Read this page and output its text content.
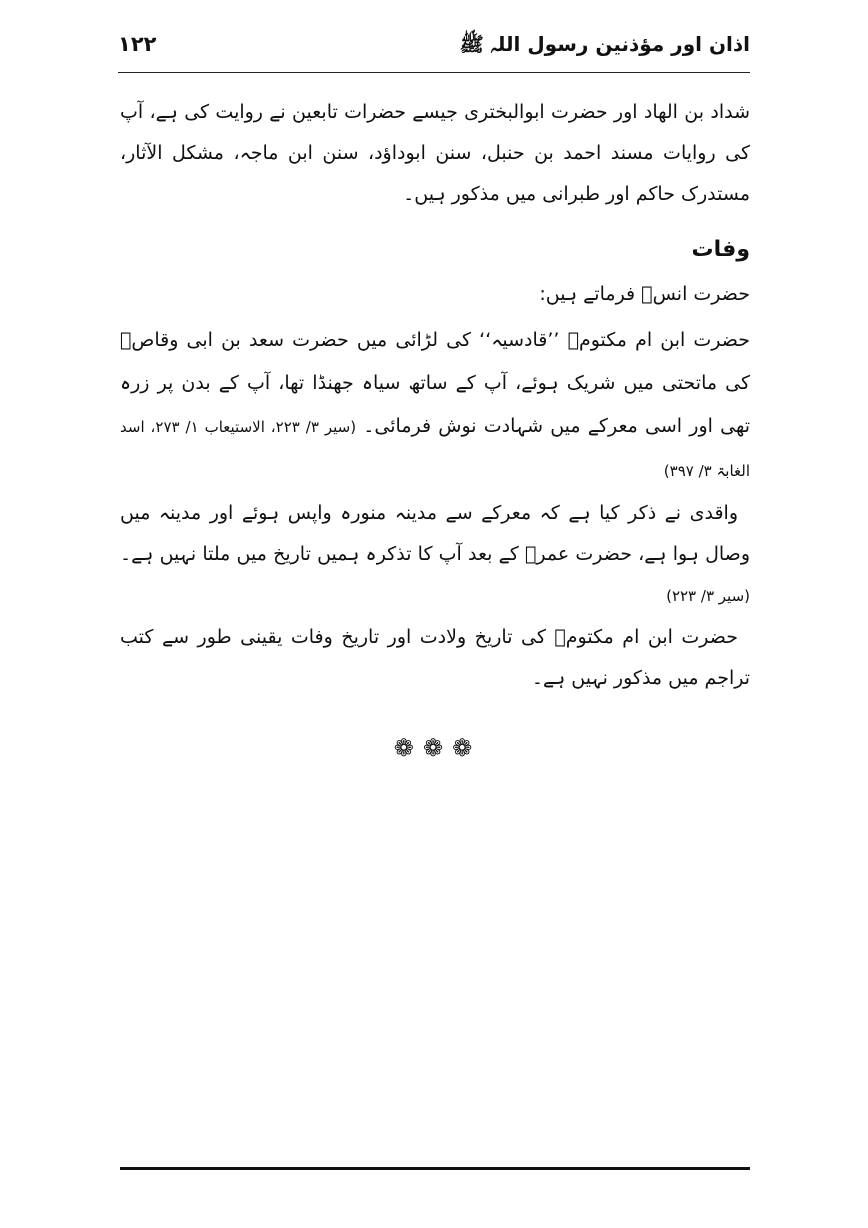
اذان اور مؤذنین رسول اللہ ﷺ
۱۲۲

شداد بن الھاد اور حضرت ابوالبختری جیسے حضرات تابعین نے روایت کی ہے، آپ کی روایات مسند احمد بن حنبل، سنن ابوداؤد، سنن ابن ماجہ، مشکل الآثار، مستدرک حاکم اور طبرانی میں مذکور ہیں۔

وفات

حضرت انسؓ فرماتے ہیں:

حضرت ابن ام مکتومؓ ’’قادسیہ‘‘ کی لڑائی میں حضرت سعد بن ابی وقاصؓ کی ماتحتی میں شریک ہوئے، آپ کے ساتھ سیاہ جھنڈا تھا، آپ کے بدن پر زرہ تھی اور اسی معرکے میں شہادت نوش فرمائی۔ (سیر ۳/ ۲۲۳، الاستیعاب ۱/ ۲۷۳، اسد الغابۃ ۳/ ۳۹۷)

واقدی نے ذکر کیا ہے کہ معرکے سے مدینہ منورہ واپس ہوئے اور مدینہ میں وصال ہوا ہے، حضرت عمرؓ کے بعد آپ کا تذکرہ ہمیں تاریخ میں ملتا نہیں ہے۔ (سیر ۳/ ۲۲۳)

حضرت ابن ام مکتومؓ کی تاریخ ولادت اور تاریخ وفات یقینی طور سے کتب تراجم میں مذکور نہیں ہے۔

❁ ❁ ❁
